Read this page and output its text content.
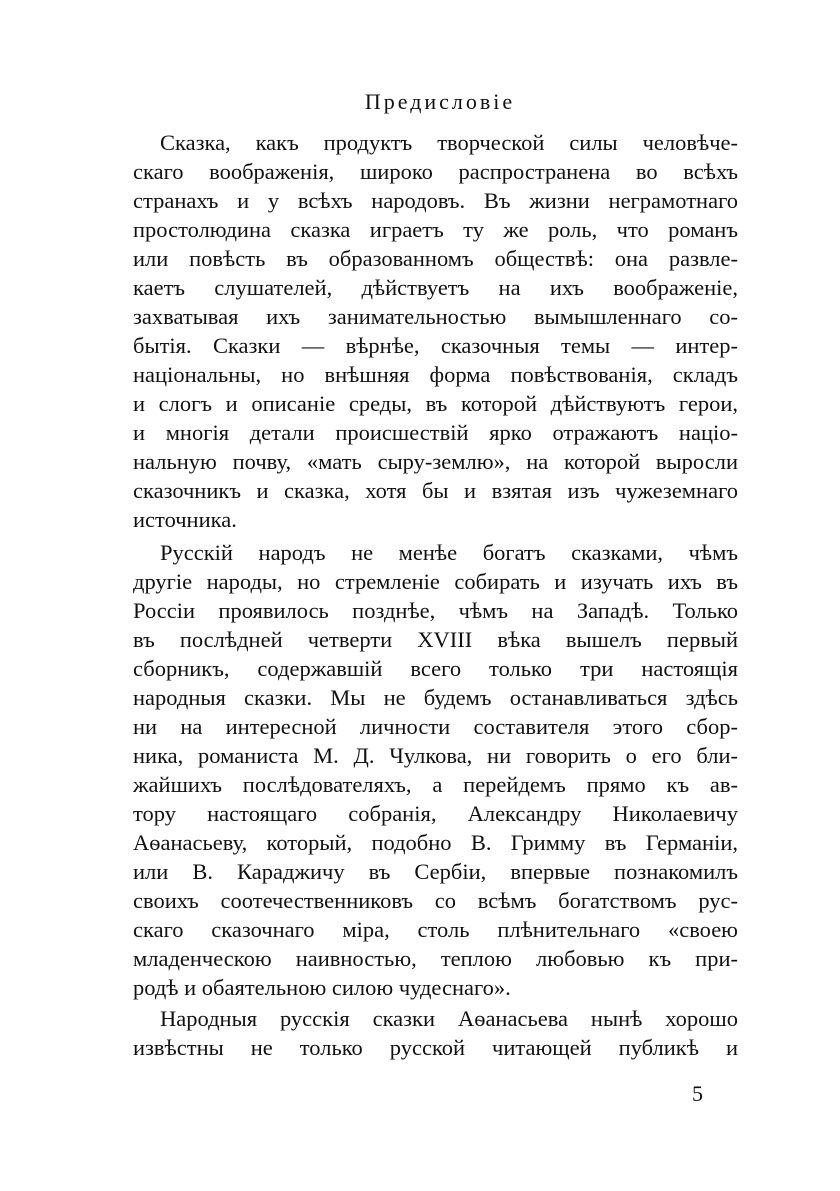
Предисловіе
Сказка, какъ продуктъ творческой силы человѣче-
скаго воображенія, широко распространена во всѣхъ
странахъ и у всѣхъ народовъ. Въ жизни неграмотнаго
простолюдина сказка играетъ ту же роль, что романъ
или повѣсть въ образованномъ обществѣ: она развле-
каетъ слушателей, дѣйствуетъ на ихъ воображеніе,
захватывая ихъ занимательностью вымышленнаго со-
бытія. Сказки — вѣрнѣе, сказочныя темы — интер-
національны, но внѣшняя форма повѣствованія, складъ
и слогъ и описаніе среды, въ которой дѣйствуютъ герои,
и многія детали происшествій ярко отражаютъ націо-
нальную почву, «мать сыру-землю», на которой выросли
сказочникъ и сказка, хотя бы и взятая изъ чужеземнаго
источника.
Русскій народъ не менѣе богатъ сказками, чѣмъ
другіе народы, но стремленіе собирать и изучать ихъ въ
Россіи проявилось позднѣе, чѣмъ на Западѣ. Только
въ послѣдней четверти XVIII вѣка вышелъ первый
сборникъ, содержавшій всего только три настоящія
народныя сказки. Мы не будемъ останавливаться здѣсь
ни на интересной личности составителя этого сбор-
ника, романиста М. Д. Чулкова, ни говорить о его бли-
жайшихъ послѣдователяхъ, а перейдемъ прямо къ ав-
тору настоящаго собранія, Александру Николаевичу
Аѳанасьеву, который, подобно В. Гримму въ Германіи,
или В. Караджичу въ Сербіи, впервые познакомилъ
своихъ соотечественниковъ со всѣмъ богатствомъ рус-
скаго сказочнаго міра, столь плѣнительнаго «своею
младенческою наивностью, теплою любовью къ при-
родѣ и обаятельною силою чудеснаго».
Народныя русскія сказки Аѳанасьева нынѣ хорошо
извѣстны не только русской читающей публикѣ и
5
